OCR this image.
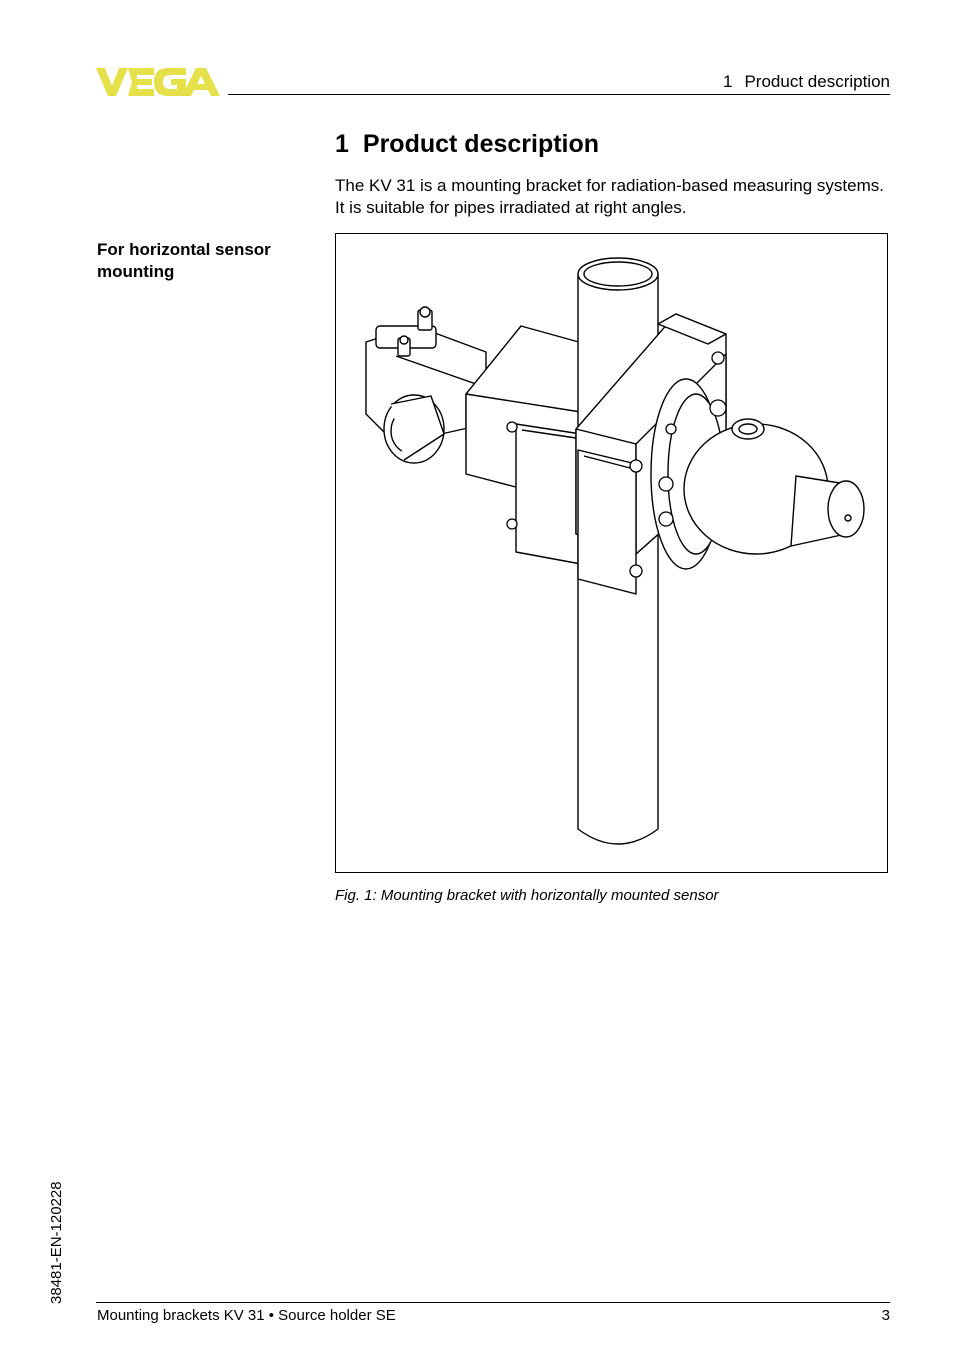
1 Product description
1 Product description

The KV 31 is a mounting bracket for radiation-based measuring systems. It is suitable for pipes irradiated at right angles.

For horizontal sensor mounting

Fig. 1: Mounting bracket with horizontally mounted sensor
38481-EN-120228
Mounting brackets KV 31 • Source holder SE	3
